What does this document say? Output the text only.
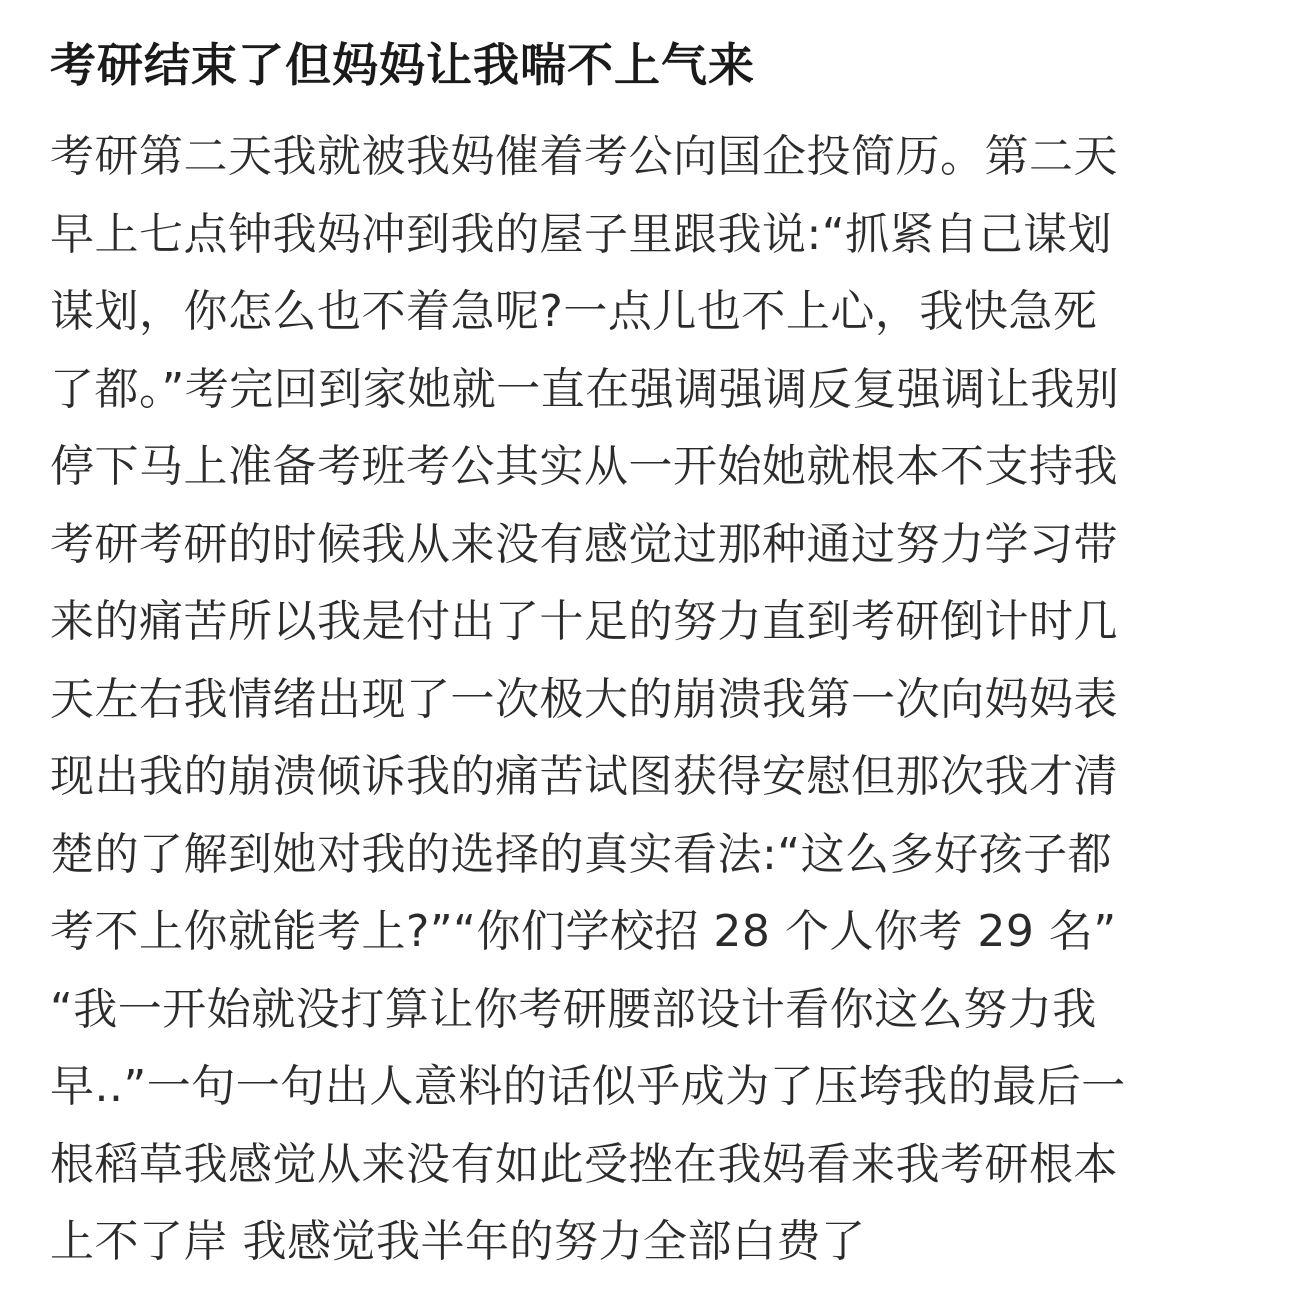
考研结束了但妈妈让我喘不上气来
考研第二天我就被我妈催着考公向国企投简历。第二天
早上七点钟我妈冲到我的屋子里跟我说:“抓紧自己谋划
谋划，你怎么也不着急呢?一点儿也不上心，我快急死
了都。”考完回到家她就一直在强调强调反复强调让我别
停下马上准备考班考公其实从一开始她就根本不支持我
考研考研的时候我从来没有感觉过那种通过努力学习带
来的痛苦所以我是付出了十足的努力直到考研倒计时几
天左右我情绪出现了一次极大的崩溃我第一次向妈妈表
现出我的崩溃倾诉我的痛苦试图获得安慰但那次我才清
楚的了解到她对我的选择的真实看法:“这么多好孩子都
考不上你就能考上?”“你们学校招 28 个人你考 29 名”
“我一开始就没打算让你考研腰部设计看你这么努力我
早..”一句一句出人意料的话似乎成为了压垮我的最后一
根稻草我感觉从来没有如此受挫在我妈看来我考研根本
上不了岸 我感觉我半年的努力全部白费了
